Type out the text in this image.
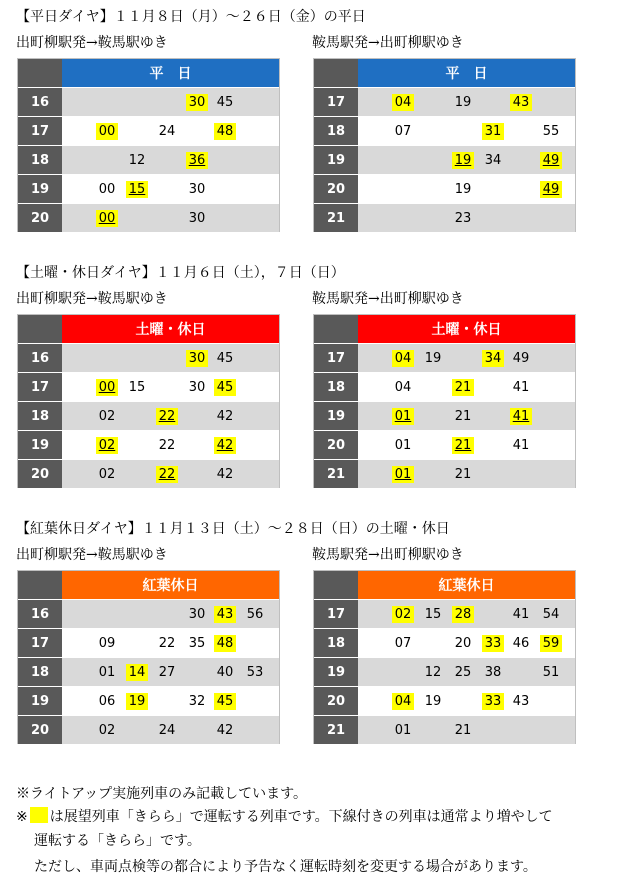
【平日ダイヤ】１１月８日（月）～２６日（金）の平日
出町柳駅発→鞍馬駅ゆき
平日
16	30 45
17	00	24	48
18	12	36
19	00 15	30
20	00	30
鞍馬駅発→出町柳駅ゆき
平日
17	04	19	43
18	07	31	55
19	19 34	49
20	19	49
21	23
【土曜・休日ダイヤ】１１月６日（土），７日（日）
出町柳駅発→鞍馬駅ゆき
土曜・休日
16	30 45
17	00 15	30 45
18	02	22	42
19	02	22	42
20	02	22	42
鞍馬駅発→出町柳駅ゆき
土曜・休日
17	04 19	34 49
18	04	21	41
19	01	21	41
20	01	21	41
21	01	21
【紅葉休日ダイヤ】１１月１３日（土）～２８日（日）の土曜・休日
出町柳駅発→鞍馬駅ゆき
紅葉休日
16	30 43 56
17	09	22 35 48
18	01 14 27	40 53
19	06 19	32 45
20	02	24	42
鞍馬駅発→出町柳駅ゆき
紅葉休日
17	02 15 28	41 54
18	07	20 33 46 59
19	12 25 38	51
20	04 19	33 43
21	01	21
※ライトアップ実施列車のみ記載しています。
※ は展望列車「きらら」で運転する列車です。下線付きの列車は通常より増やして
運転する「きらら」です。
ただし、車両点検等の都合により予告なく運転時刻を変更する場合があります。
